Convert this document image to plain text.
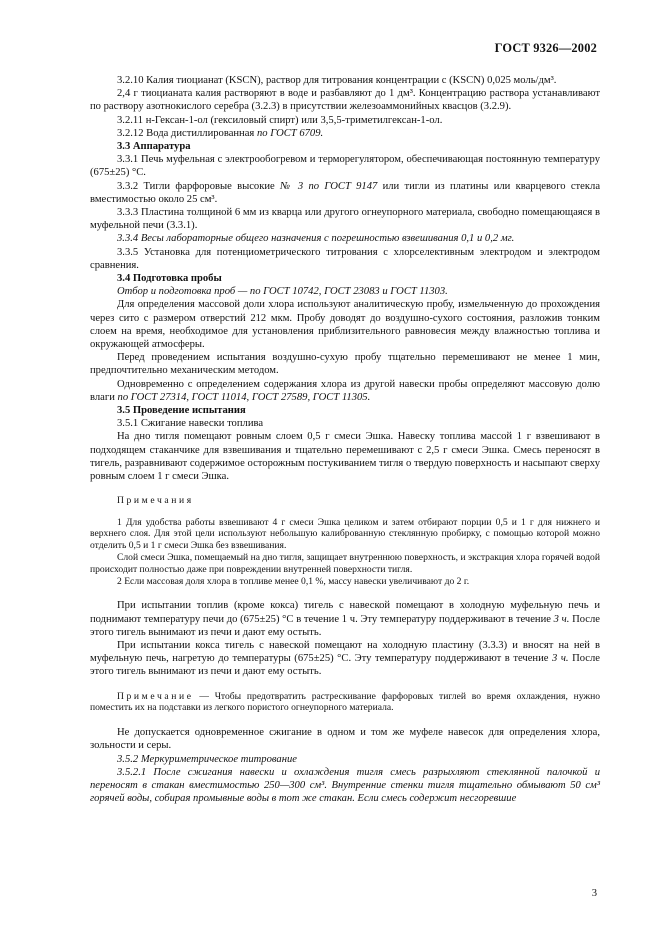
ГОСТ 9326—2002

3.2.10 Калия тиоцианат (KSCN), раствор для титрования концентрации c (KSCN) 0,025 моль/дм³.

2,4 г тиоцианата калия растворяют в воде и разбавляют до 1 дм³. Концентрацию раствора устанавливают по раствору азотнокислого серебра (3.2.3) в присутствии железоаммонийных квасцов (3.2.9).

3.2.11 н-Гексан-1-ол (гексиловый спирт) или 3,5,5-триметилгексан-1-ол.

3.2.12 Вода дистиллированная по ГОСТ 6709.

3.3 Аппаратура

3.3.1 Печь муфельная с электрообогревом и терморегулятором, обеспечивающая постоянную температуру (675±25) °С.

3.3.2 Тигли фарфоровые высокие № 3 по ГОСТ 9147 или тигли из платины или кварцевого стекла вместимостью около 25 см³.

3.3.3 Пластина толщиной 6 мм из кварца или другого огнеупорного материала, свободно помещающаяся в муфельной печи (3.3.1).

3.3.4 Весы лабораторные общего назначения с погрешностью взвешивания 0,1 и 0,2 мг.

3.3.5 Установка для потенциометрического титрования с хлорселективным электродом и электродом сравнения.

3.4 Подготовка пробы

Отбор и подготовка проб — по ГОСТ 10742, ГОСТ 23083 и ГОСТ 11303.

Для определения массовой доли хлора используют аналитическую пробу, измельченную до прохождения через сито с размером отверстий 212 мкм. Пробу доводят до воздушно-сухого состояния, разложив тонким слоем на время, необходимое для установления приблизительного равновесия между влажностью топлива и окружающей атмосферы.

Перед проведением испытания воздушно-сухую пробу тщательно перемешивают не менее 1 мин, предпочтительно механическим методом.

Одновременно с определением содержания хлора из другой навески пробы определяют массовую долю влаги по ГОСТ 27314, ГОСТ 11014, ГОСТ 27589, ГОСТ 11305.

3.5 Проведение испытания

3.5.1 Сжигание навески топлива

На дно тигля помещают ровным слоем 0,5 г смеси Эшка. Навеску топлива массой 1 г взвешивают в подходящем стаканчике для взвешивания и тщательно перемешивают с 2,5 г смеси Эшка. Смесь переносят в тигель, разравнивают содержимое осторожным постукиванием тигля о твердую поверхность и насыпают сверху ровным слоем 1 г смеси Эшка.

Примечания

1 Для удобства работы взвешивают 4 г смеси Эшка целиком и затем отбирают порции 0,5 и 1 г для нижнего и верхнего слоя. Для этой цели используют небольшую калиброванную стеклянную пробирку, с помощью которой можно отделить 0,5 и 1 г смеси Эшка без взвешивания.

Слой смеси Эшка, помещаемый на дно тигля, защищает внутреннюю поверхность, и экстракция хлора горячей водой происходит полностью даже при повреждении внутренней поверхности тигля.

2 Если массовая доля хлора в топливе менее 0,1 %, массу навески увеличивают до 2 г.

При испытании топлив (кроме кокса) тигель с навеской помещают в холодную муфельную печь и поднимают температуру печи до (675±25) °С в течение 1 ч. Эту температуру поддерживают в течение 3 ч. После этого тигель вынимают из печи и дают ему остыть.

При испытании кокса тигель с навеской помещают на холодную пластину (3.3.3) и вносят на ней в муфельную печь, нагретую до температуры (675±25) °С. Эту температуру поддерживают в течение 3 ч. После этого тигель вынимают из печи и дают ему остыть.

Примечание — Чтобы предотвратить растрескивание фарфоровых тиглей во время охлаждения, нужно поместить их на подставки из легкого пористого огнеупорного материала.

Не допускается одновременное сжигание в одном и том же муфеле навесок для определения хлора, зольности и серы.

3.5.2 Меркуриметрическое титрование

3.5.2.1 После сжигания навески и охлаждения тигля смесь разрыхляют стеклянной палочкой и переносят в стакан вместимостью 250—300 см³. Внутренние стенки тигля тщательно обмывают 50 см³ горячей воды, собирая промывные воды в тот же стакан. Если смесь содержит несгоревшие

3
